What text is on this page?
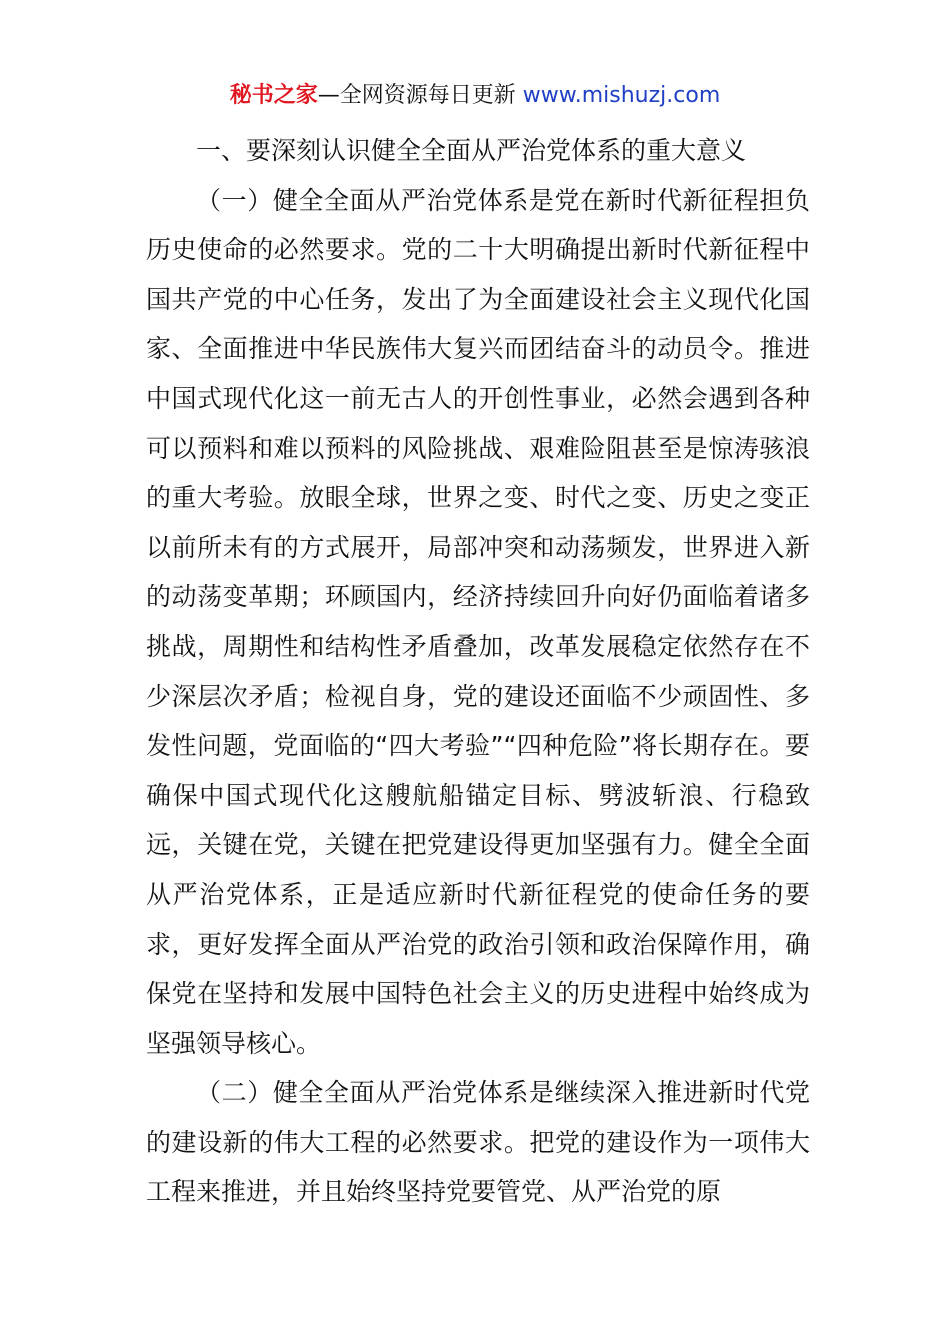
秘书之家—全网资源每日更新 www.mishuzj.com

一、要深刻认识健全全面从严治党体系的重大意义

（一）健全全面从严治党体系是党在新时代新征程担负历史使命的必然要求。党的二十大明确提出新时代新征程中国共产党的中心任务，发出了为全面建设社会主义现代化国家、全面推进中华民族伟大复兴而团结奋斗的动员令。推进中国式现代化这一前无古人的开创性事业，必然会遇到各种可以预料和难以预料的风险挑战、艰难险阻甚至是惊涛骇浪的重大考验。放眼全球，世界之变、时代之变、历史之变正以前所未有的方式展开，局部冲突和动荡频发，世界进入新的动荡变革期；环顾国内，经济持续回升向好仍面临着诸多挑战，周期性和结构性矛盾叠加，改革发展稳定依然存在不少深层次矛盾；检视自身，党的建设还面临不少顽固性、多发性问题，党面临的“四大考验”“四种危险”将长期存在。要确保中国式现代化这艘航船锚定目标、劈波斩浪、行稳致远，关键在党，关键在把党建设得更加坚强有力。健全全面从严治党体系，正是适应新时代新征程党的使命任务的要求，更好发挥全面从严治党的政治引领和政治保障作用，确保党在坚持和发展中国特色社会主义的历史进程中始终成为坚强领导核心。

（二）健全全面从严治党体系是继续深入推进新时代党的建设新的伟大工程的必然要求。把党的建设作为一项伟大工程来推进，并且始终坚持党要管党、从严治党的原
